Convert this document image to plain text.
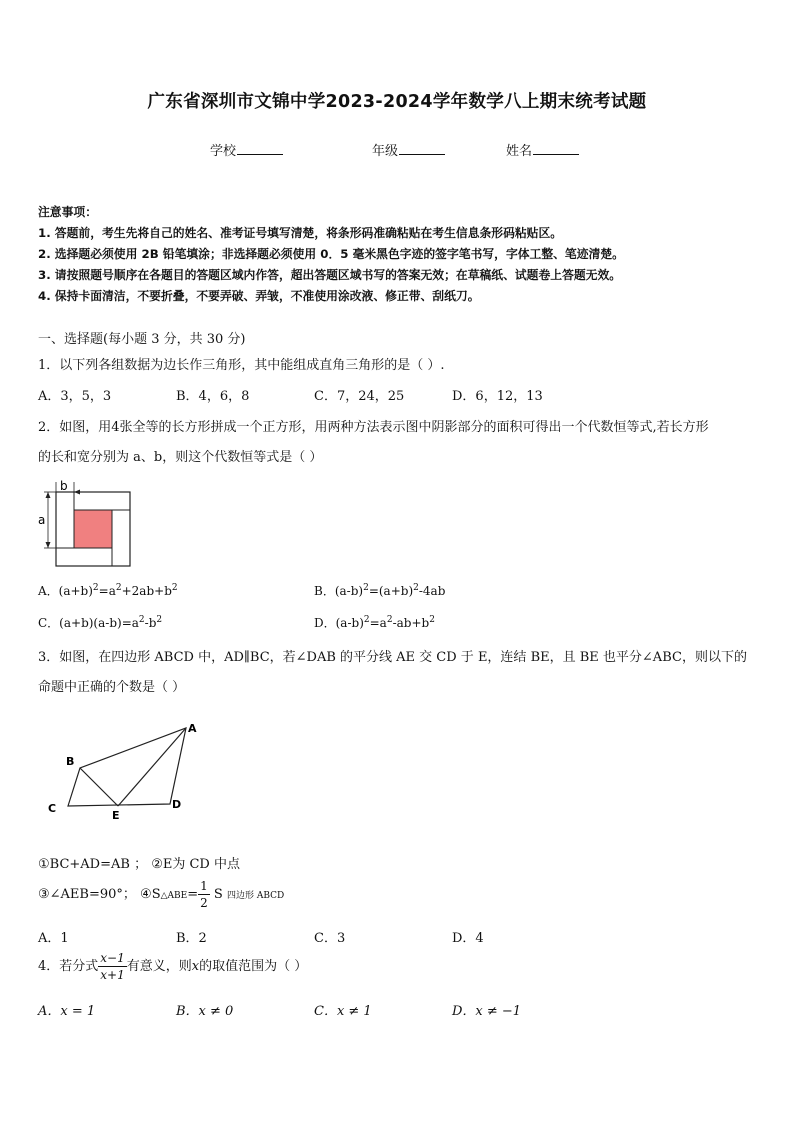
广东省深圳市文锦中学2023-2024学年数学八上期末统考试题
学校	年级	姓名
注意事项：
1. 答题前，考生先将自己的姓名、准考证号填写清楚，将条形码准确粘贴在考生信息条形码粘贴区。
2. 选择题必须使用 2B 铅笔填涂；非选择题必须使用 0．5 毫米黑色字迹的签字笔书写，字体工整、笔迹清楚。
3. 请按照题号顺序在各题目的答题区域内作答，超出答题区域书写的答案无效；在草稿纸、试题卷上答题无效。
4. 保持卡面清洁，不要折叠，不要弄破、弄皱，不准使用涂改液、修正带、刮纸刀。
一、选择题(每小题 3 分，共 30 分)
1．以下列各组数据为边长作三角形，其中能组成直角三角形的是（ ）.
A．3，5，3	B．4，6，8	C．7，24，25	D．6，12，13
2．如图，用4张全等的长方形拼成一个正方形，用两种方法表示图中阴影部分的面积可得出一个代数恒等式,若长方形
的长和宽分别为 a、b，则这个代数恒等式是（ ）
b
a
A．$(a+b)^2=a^2+2ab+b^2$	B．$(a-b)^2=(a+b)^2-4ab$
C．$(a+b)(a-b)=a^2-b^2$	D．$(a-b)^2=a^2-ab+b^2$
3．如图，在四边形 ABCD 中，AD∥BC，若∠DAB 的平分线 AE 交 CD 于 E，连结 BE，且 BE 也平分∠ABC，则以下的
命题中正确的个数是（ ）
A
B
C	D
E
①BC+AD=AB ； ②E为 CD 中点
③∠AEB=90°； ④S△ABE= $\frac{1}{2}$ S 四边形 ABCD
A．1	B．2	C．3	D．4
4．若分式 $\frac{x-1}{x+1}$ 有意义，则x的取值范围为（ ）
A．x = 1	B．x ≠ 0	C．x ≠ 1	D．x ≠ −1
